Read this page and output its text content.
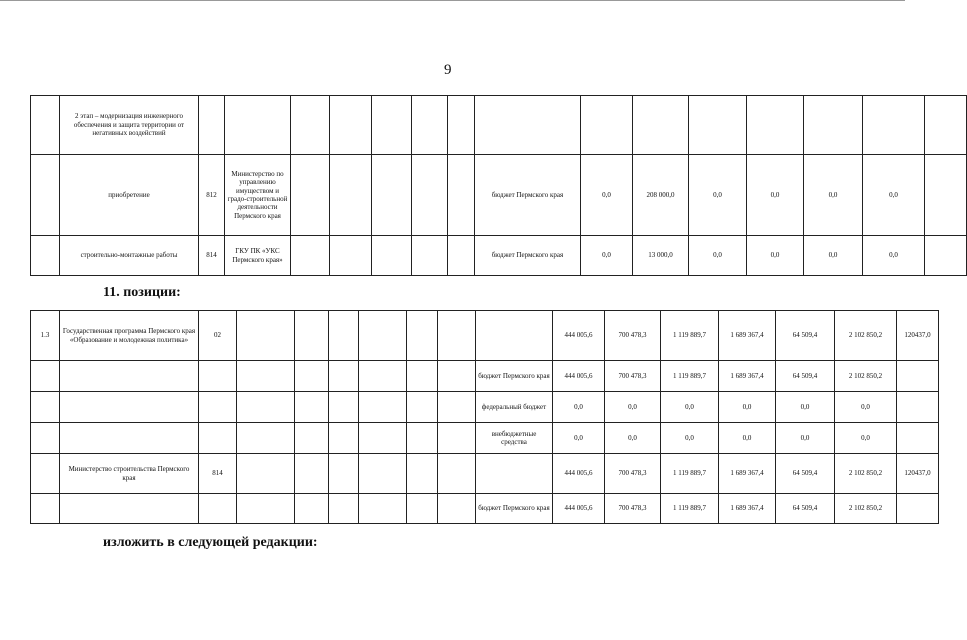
9
	2 этап – модернизация инженерного обеспечения и защита территории от негативных воздействий															
	приобретение	812	Министерство по управлению имуществом и градо-строительной деятельности Пермского края						бюджет Пермского края	0,0	208 000,0	0,0	0,0	0,0	0,0	
	строительно-монтажные работы	814	ГКУ ПК «УКС Пермского края»						бюджет Пермского края	0,0	13 000,0	0,0	0,0	0,0	0,0	
11. позиции:
1.3	Государственная программа Пермского края «Образование и молодежная политика»	02								444 005,6	700 478,3	1 119 889,7	1 689 367,4	64 509,4	2 102 850,2	120437,0
									бюджет Пермского края	444 005,6	700 478,3	1 119 889,7	1 689 367,4	64 509,4	2 102 850,2	
									федеральный бюджет	0,0	0,0	0,0	0,0	0,0	0,0	
									внебюджетные средства	0,0	0,0	0,0	0,0	0,0	0,0	
	Министерство строительства Пермского края	814								444 005,6	700 478,3	1 119 889,7	1 689 367,4	64 509,4	2 102 850,2	120437,0
									бюджет Пермского края	444 005,6	700 478,3	1 119 889,7	1 689 367,4	64 509,4	2 102 850,2	
изложить в следующей редакции:
